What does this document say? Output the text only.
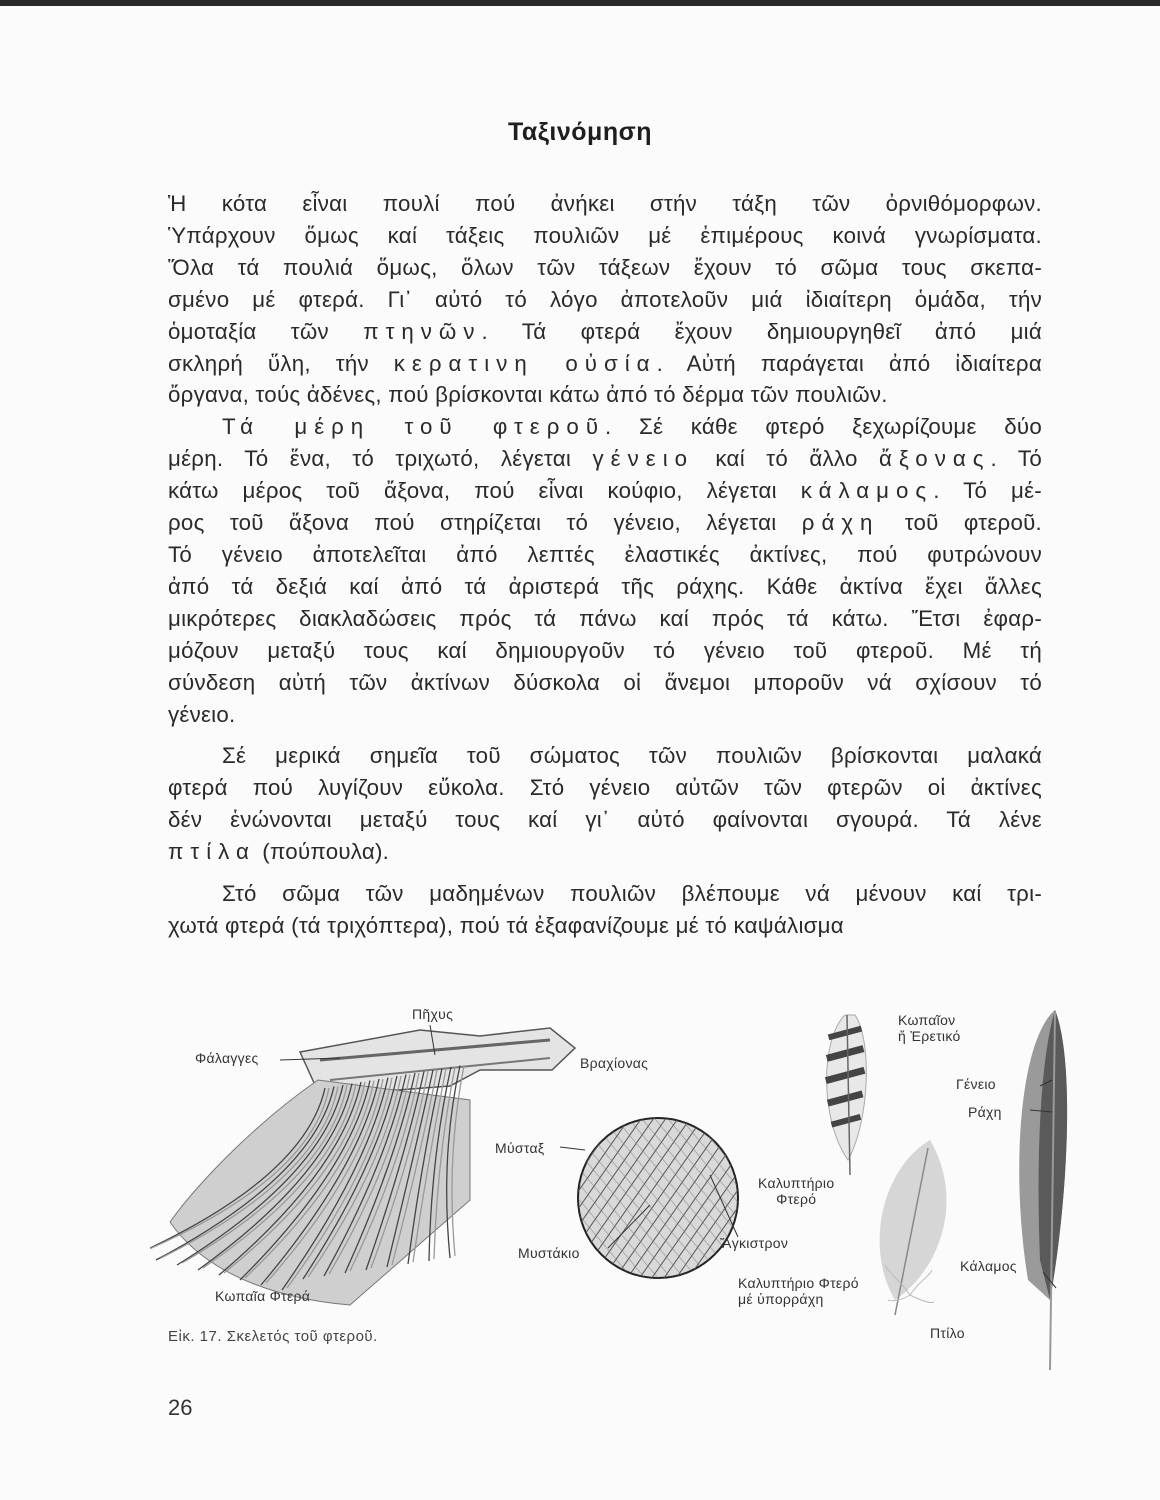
Ταξινόμηση

Ἡ κότα εἶναι πουλί πού ἀνήκει στήν τάξη τῶν ὀρνιθόμορφων.

Ὑπάρχουν ὅμως καί τάξεις πουλιῶν μέ ἐπιμέρους κοινά γνωρίσματα.

Ὅλα τά πουλιά ὅμως, ὅλων τῶν τάξεων ἔχουν τό σῶμα τους σκεπα-

σμένο μέ φτερά. Γι᾽ αὐτό τό λόγο ἀποτελοῦν μιά ἰδιαίτερη ὁμάδα, τήν

ὁμοταξία τῶν πτηνῶν. Τά φτερά ἔχουν δημιουργηθεῖ ἀπό μιά

σκληρή ὕλη, τήν κερατινη οὐσία. Αὐτή παράγεται ἀπό ἰδιαίτερα

ὄργανα, τούς ἀδένες, πού βρίσκονται κάτω ἀπό τό δέρμα τῶν πουλιῶν.

Τά μέρη τοῦ φτεροῦ. Σέ κάθε φτερό ξεχωρίζουμε δύο

μέρη. Τό ἕνα, τό τριχωτό, λέγεται γένειο καί τό ἄλλο ἄξονας. Τό

κάτω μέρος τοῦ ἄξονα, πού εἶναι κούφιο, λέγεται κάλαμος. Τό μέ-

ρος τοῦ ἄξονα πού στηρίζεται τό γένειο, λέγεται ράχη τοῦ φτεροῦ.

Τό γένειο ἀποτελεῖται ἀπό λεπτές ἐλαστικές ἀκτίνες, πού φυτρώνουν

ἀπό τά δεξιά καί ἀπό τά ἀριστερά τῆς ράχης. Κάθε ἀκτίνα ἔχει ἄλλες

μικρότερες διακλαδώσεις πρός τά πάνω καί πρός τά κάτω. Ἔτσι ἐφαρ-

μόζουν μεταξύ τους καί δημιουργοῦν τό γένειο τοῦ φτεροῦ. Μέ τή

σύνδεση αὐτή τῶν ἀκτίνων δύσκολα οἱ ἄνεμοι μποροῦν νά σχίσουν τό

γένειο.

Σέ μερικά σημεῖα τοῦ σώματος τῶν πουλιῶν βρίσκονται μαλακά

φτερά πού λυγίζουν εὔκολα. Στό γένειο αὐτῶν τῶν φτερῶν οἱ ἀκτίνες

δέν ἑνώνονται μεταξύ τους καί γι᾽ αὐτό φαίνονται σγουρά. Τά λένε

πτίλα (πούπουλα).

Στό σῶμα τῶν μαδημένων πουλιῶν βλέπουμε νά μένουν καί τρι-

χωτά φτερά (τά τριχόπτερα), πού τά ἐξαφανίζουμε μέ τό καψάλισμα

Πῆχυς
Φάλαγγες	Βραχίονας
Μύσταξ
Μυστάκιο
Ἄγκιστρον
Κωπαῖα Φτερά
Καλυπτήριο
Φτερό
Καλυπτήριο Φτερό
μέ ὑπορράχη
Κωπαῖον
ἤ Ἐρετικό
Γένειο
Ράχη
Κάλαμος
Πτίλο
Εἰκ. 17. Σκελετός τοῦ φτεροῦ.
26
